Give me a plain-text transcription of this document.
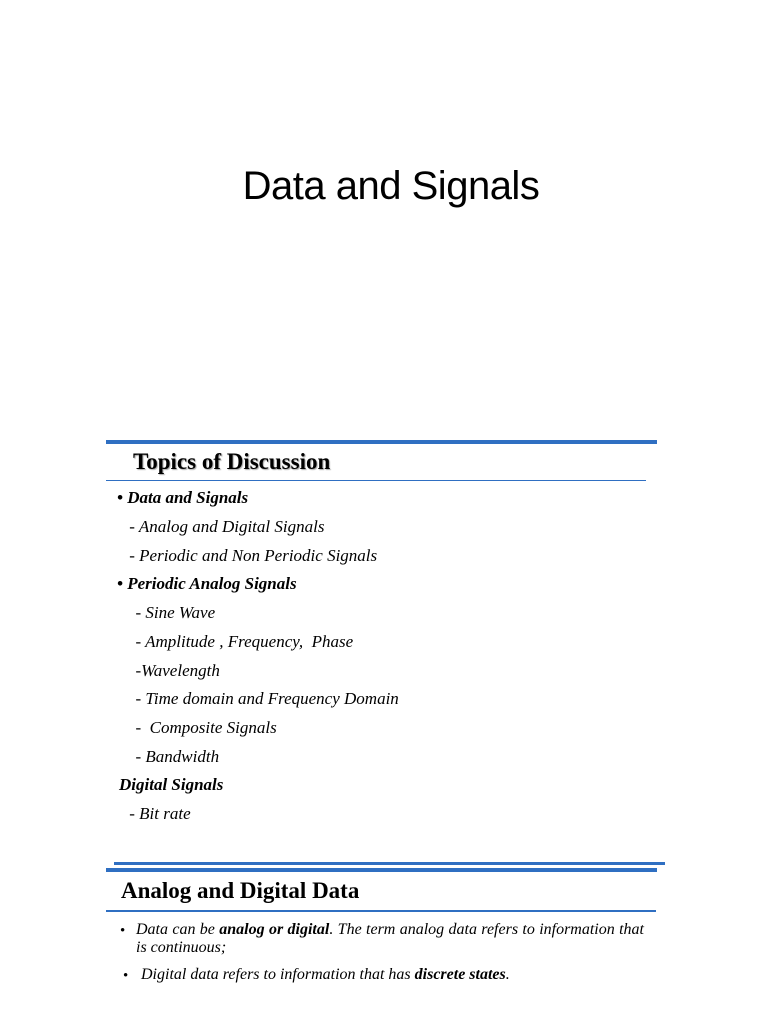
Data and Signals
Topics of Discussion
• Data and Signals
- Analog and Digital Signals
- Periodic and Non Periodic Signals
• Periodic Analog Signals
- Sine Wave
- Amplitude , Frequency,  Phase
-Wavelength
- Time domain and Frequency Domain
-  Composite Signals
- Bandwidth
Digital Signals
- Bit rate
Analog and Digital Data
• Data can be analog or digital. The term analog data refers to information that is continuous;
• Digital data refers to information that has discrete states.
